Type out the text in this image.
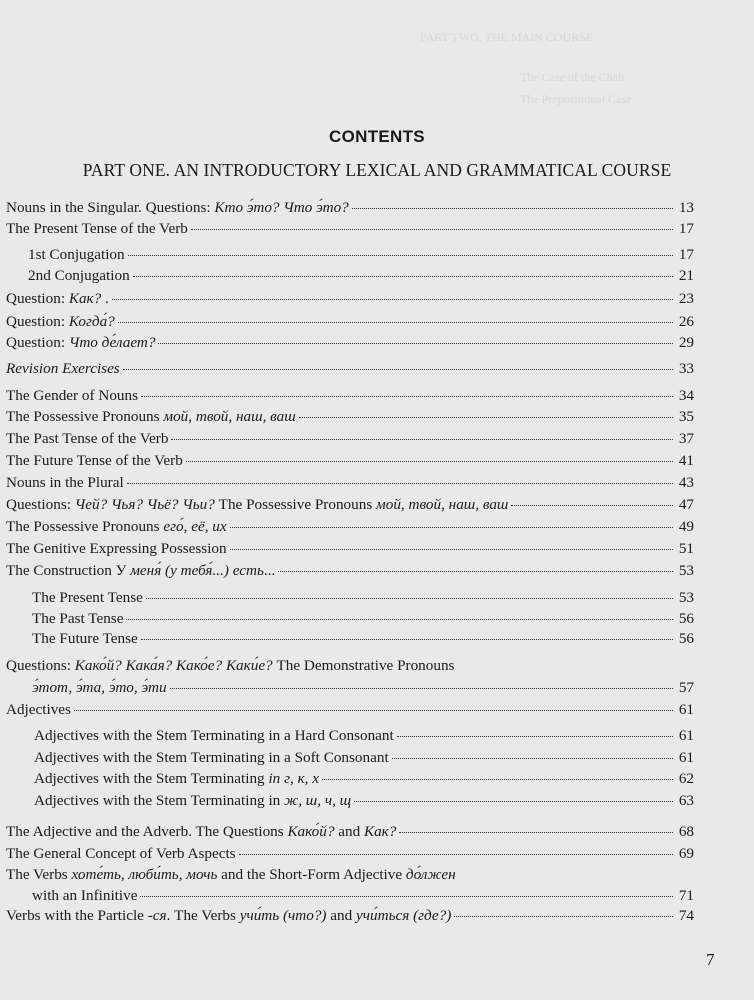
PART TWO. THE MAIN COURSE
The Case of the Chair
The Prepositional Case
CONTENTS
PART ONE. AN INTRODUCTORY LEXICAL AND GRAMMATICAL COURSE
Nouns in the Singular. Questions: Кто э́то? Что э́то?	13
The Present Tense of the Verb	17
1st Conjugation	17
2nd Conjugation	21
Question: Как? .	23
Question: Когда́?	26
Question: Что де́лает?	29
Revision Exercises	33
The Gender of Nouns	34
The Possessive Pronouns мой, твой, наш, ваш	35
The Past Tense of the Verb	37
The Future Tense of the Verb	41
Nouns in the Plural	43
Questions: Чей? Чья? Чьё? Чьи? The Possessive Pronouns мой, твой, наш, ваш	47
The Possessive Pronouns его́, её, их	49
The Genitive Expressing Possession	51
The Construction У меня́ (у тебя́...) есть...	53
The Present Tense	53
The Past Tense	56
The Future Tense	56
Questions: Како́й? Кака́я? Како́е? Каки́е? The Demonstrative Pronouns
э́тот, э́та, э́то, э́ти	57
Adjectives	61
Adjectives with the Stem Terminating in a Hard Consonant	61
Adjectives with the Stem Terminating in a Soft Consonant	61
Adjectives with the Stem Terminating in г, к, х	62
Adjectives with the Stem Terminating in ж, ш, ч, щ	63
The Adjective and the Adverb. The Questions Како́й? and Как?	68
The General Concept of Verb Aspects	69
The Verbs хоте́ть, люби́ть, мочь and the Short-Form Adjective до́лжен
with an Infinitive	71
Verbs with the Particle -ся. The Verbs учи́ть (что?) and учи́ться (где?)	74
7
